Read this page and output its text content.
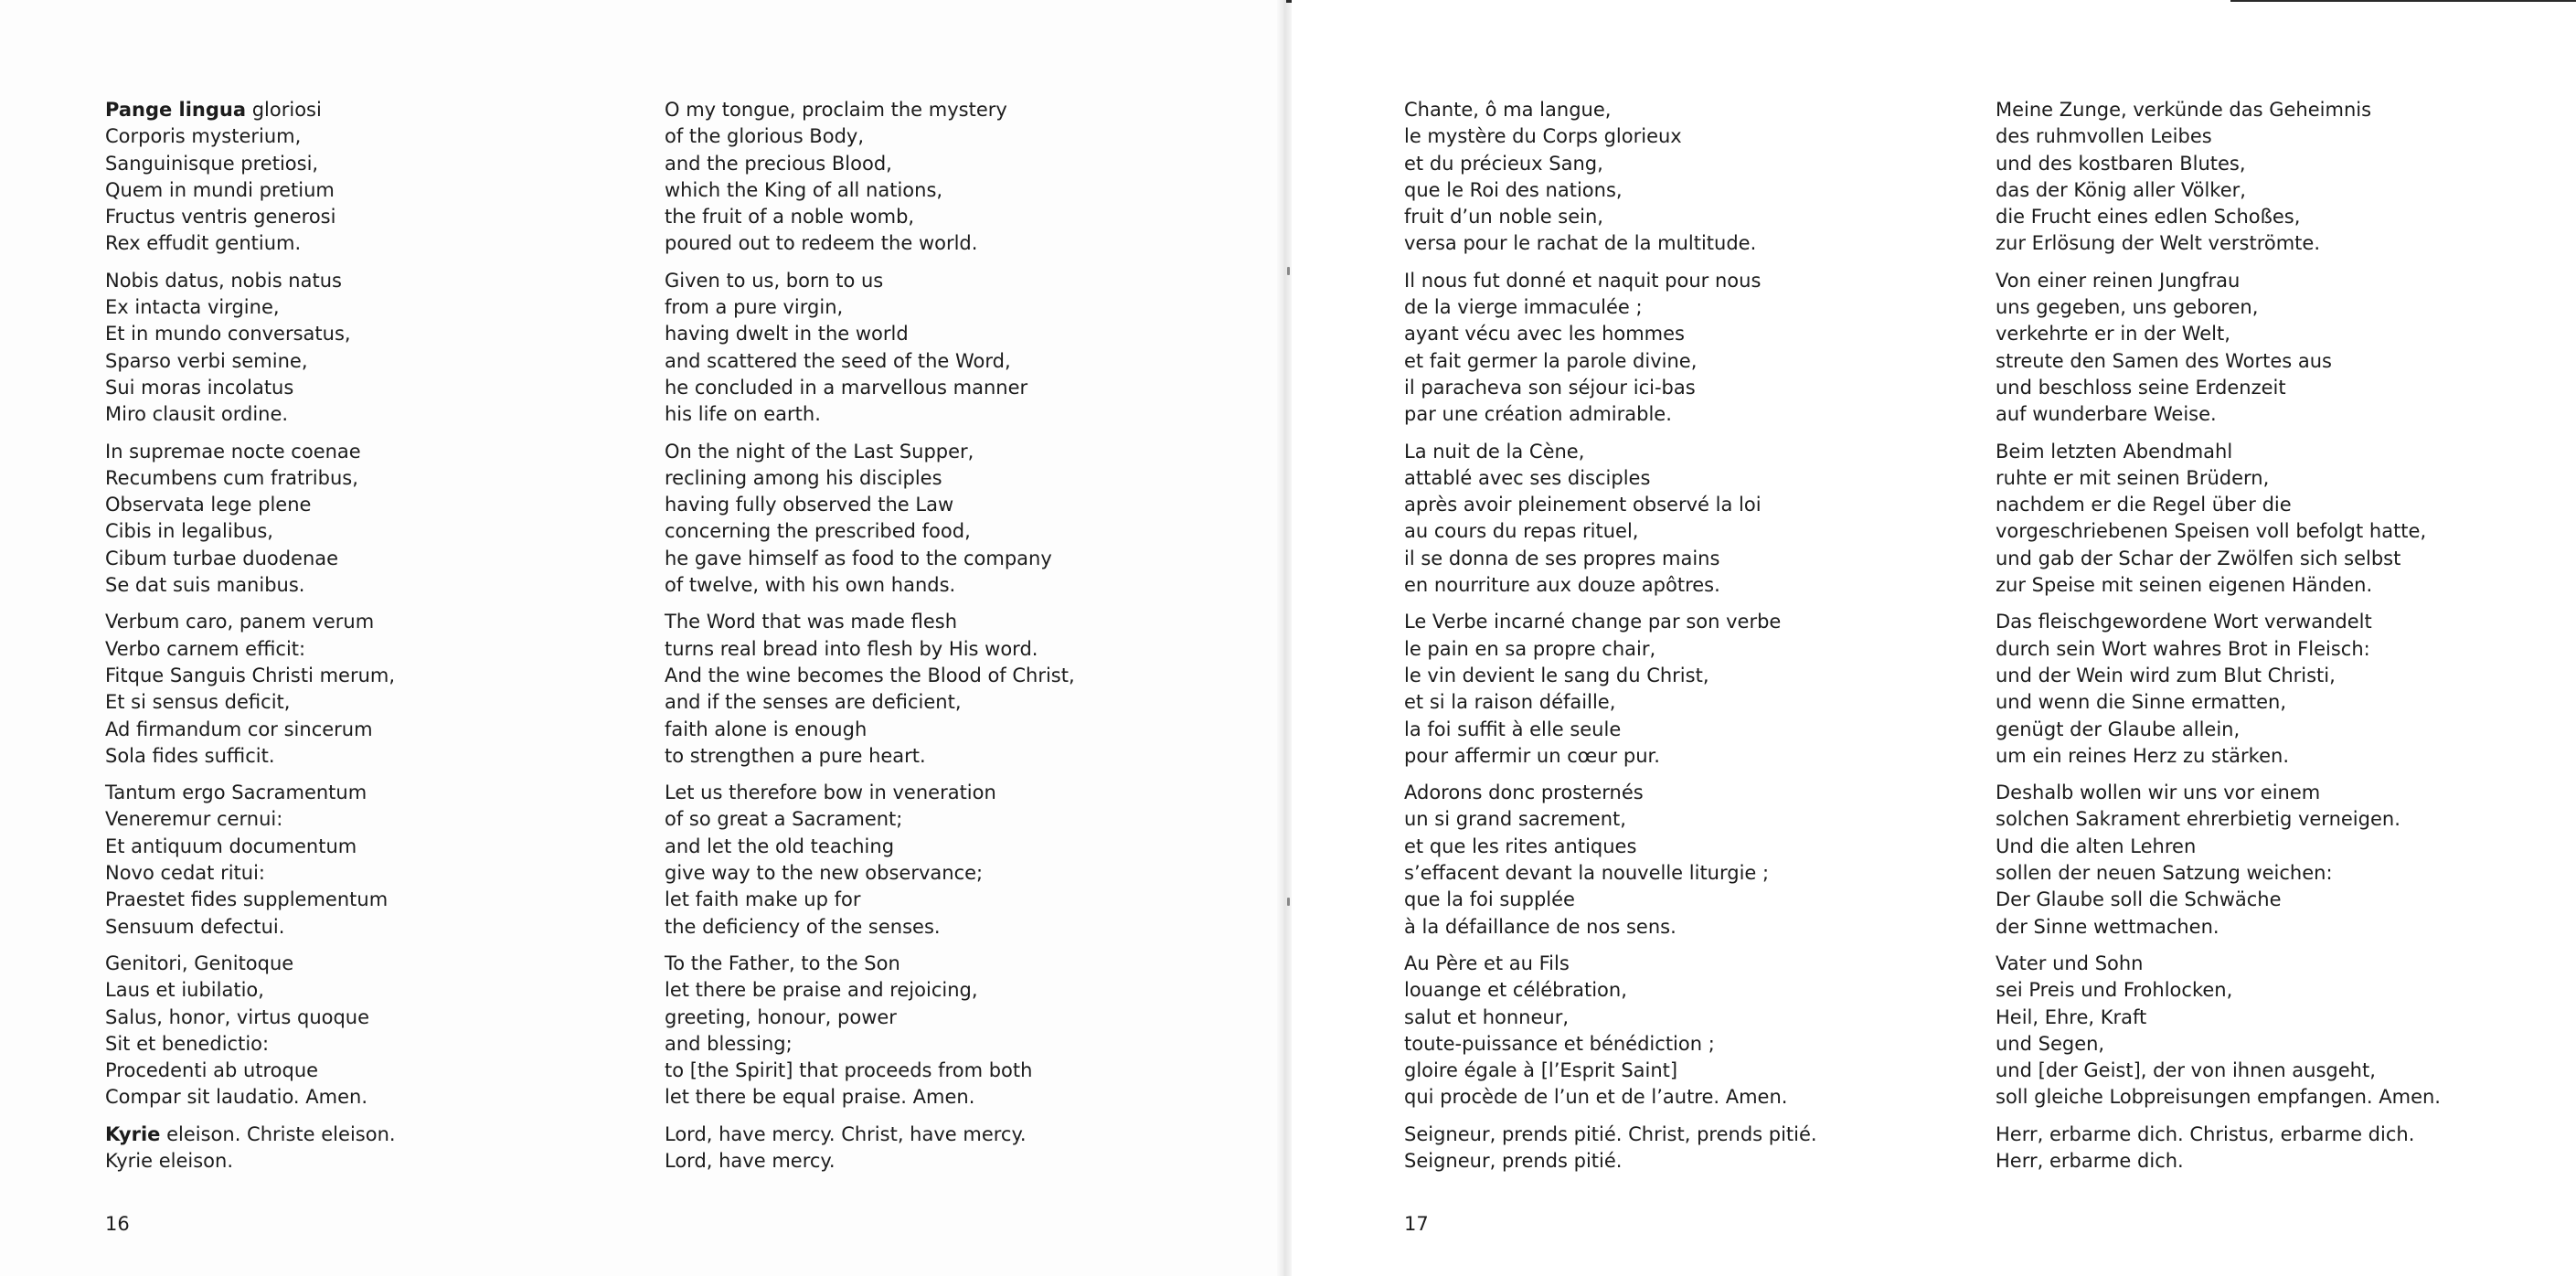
Pange lingua gloriosi
Corporis mysterium,
Sanguinisque pretiosi,
Quem in mundi pretium
Fructus ventris generosi
Rex effudit gentium.
Nobis datus, nobis natus
Ex intacta virgine,
Et in mundo conversatus,
Sparso verbi semine,
Sui moras incolatus
Miro clausit ordine.
In supremae nocte coenae
Recumbens cum fratribus,
Observata lege plene
Cibis in legalibus,
Cibum turbae duodenae
Se dat suis manibus.
Verbum caro, panem verum
Verbo carnem efficit:
Fitque Sanguis Christi merum,
Et si sensus deficit,
Ad firmandum cor sincerum
Sola fides sufficit.
Tantum ergo Sacramentum
Veneremur cernui:
Et antiquum documentum
Novo cedat ritui:
Praestet fides supplementum
Sensuum defectui.
Genitori, Genitoque
Laus et iubilatio,
Salus, honor, virtus quoque
Sit et benedictio:
Procedenti ab utroque
Compar sit laudatio. Amen.
Kyrie eleison. Christe eleison.
Kyrie eleison.
O my tongue, proclaim the mystery
of the glorious Body,
and the precious Blood,
which the King of all nations,
the fruit of a noble womb,
poured out to redeem the world.
Given to us, born to us
from a pure virgin,
having dwelt in the world
and scattered the seed of the Word,
he concluded in a marvellous manner
his life on earth.
On the night of the Last Supper,
reclining among his disciples
having fully observed the Law
concerning the prescribed food,
he gave himself as food to the company
of twelve, with his own hands.
The Word that was made flesh
turns real bread into flesh by His word.
And the wine becomes the Blood of Christ,
and if the senses are deficient,
faith alone is enough
to strengthen a pure heart.
Let us therefore bow in veneration
of so great a Sacrament;
and let the old teaching
give way to the new observance;
let faith make up for
the deficiency of the senses.
To the Father, to the Son
let there be praise and rejoicing,
greeting, honour, power
and blessing;
to [the Spirit] that proceeds from both
let there be equal praise. Amen.
Lord, have mercy. Christ, have mercy.
Lord, have mercy.
Chante, ô ma langue,
le mystère du Corps glorieux
et du précieux Sang,
que le Roi des nations,
fruit d’un noble sein,
versa pour le rachat de la multitude.
Il nous fut donné et naquit pour nous
de la vierge immaculée ;
ayant vécu avec les hommes
et fait germer la parole divine,
il paracheva son séjour ici-bas
par une création admirable.
La nuit de la Cène,
attablé avec ses disciples
après avoir pleinement observé la loi
au cours du repas rituel,
il se donna de ses propres mains
en nourriture aux douze apôtres.
Le Verbe incarné change par son verbe
le pain en sa propre chair,
le vin devient le sang du Christ,
et si la raison défaille,
la foi suffit à elle seule
pour affermir un cœur pur.
Adorons donc prosternés
un si grand sacrement,
et que les rites antiques
s’effacent devant la nouvelle liturgie ;
que la foi supplée
à la défaillance de nos sens.
Au Père et au Fils
louange et célébration,
salut et honneur,
toute-puissance et bénédiction ;
gloire égale à [l’Esprit Saint]
qui procède de l’un et de l’autre. Amen.
Seigneur, prends pitié. Christ, prends pitié.
Seigneur, prends pitié.
Meine Zunge, verkünde das Geheimnis
des ruhmvollen Leibes
und des kostbaren Blutes,
das der König aller Völker,
die Frucht eines edlen Schoßes,
zur Erlösung der Welt verströmte.
Von einer reinen Jungfrau
uns gegeben, uns geboren,
verkehrte er in der Welt,
streute den Samen des Wortes aus
und beschloss seine Erdenzeit
auf wunderbare Weise.
Beim letzten Abendmahl
ruhte er mit seinen Brüdern,
nachdem er die Regel über die
vorgeschriebenen Speisen voll befolgt hatte,
und gab der Schar der Zwölfen sich selbst
zur Speise mit seinen eigenen Händen.
Das fleischgewordene Wort verwandelt
durch sein Wort wahres Brot in Fleisch:
und der Wein wird zum Blut Christi,
und wenn die Sinne ermatten,
genügt der Glaube allein,
um ein reines Herz zu stärken.
Deshalb wollen wir uns vor einem
solchen Sakrament ehrerbietig verneigen.
Und die alten Lehren
sollen der neuen Satzung weichen:
Der Glaube soll die Schwäche
der Sinne wettmachen.
Vater und Sohn
sei Preis und Frohlocken,
Heil, Ehre, Kraft
und Segen,
und [der Geist], der von ihnen ausgeht,
soll gleiche Lobpreisungen empfangen. Amen.
Herr, erbarme dich. Christus, erbarme dich.
Herr, erbarme dich.
16	17
